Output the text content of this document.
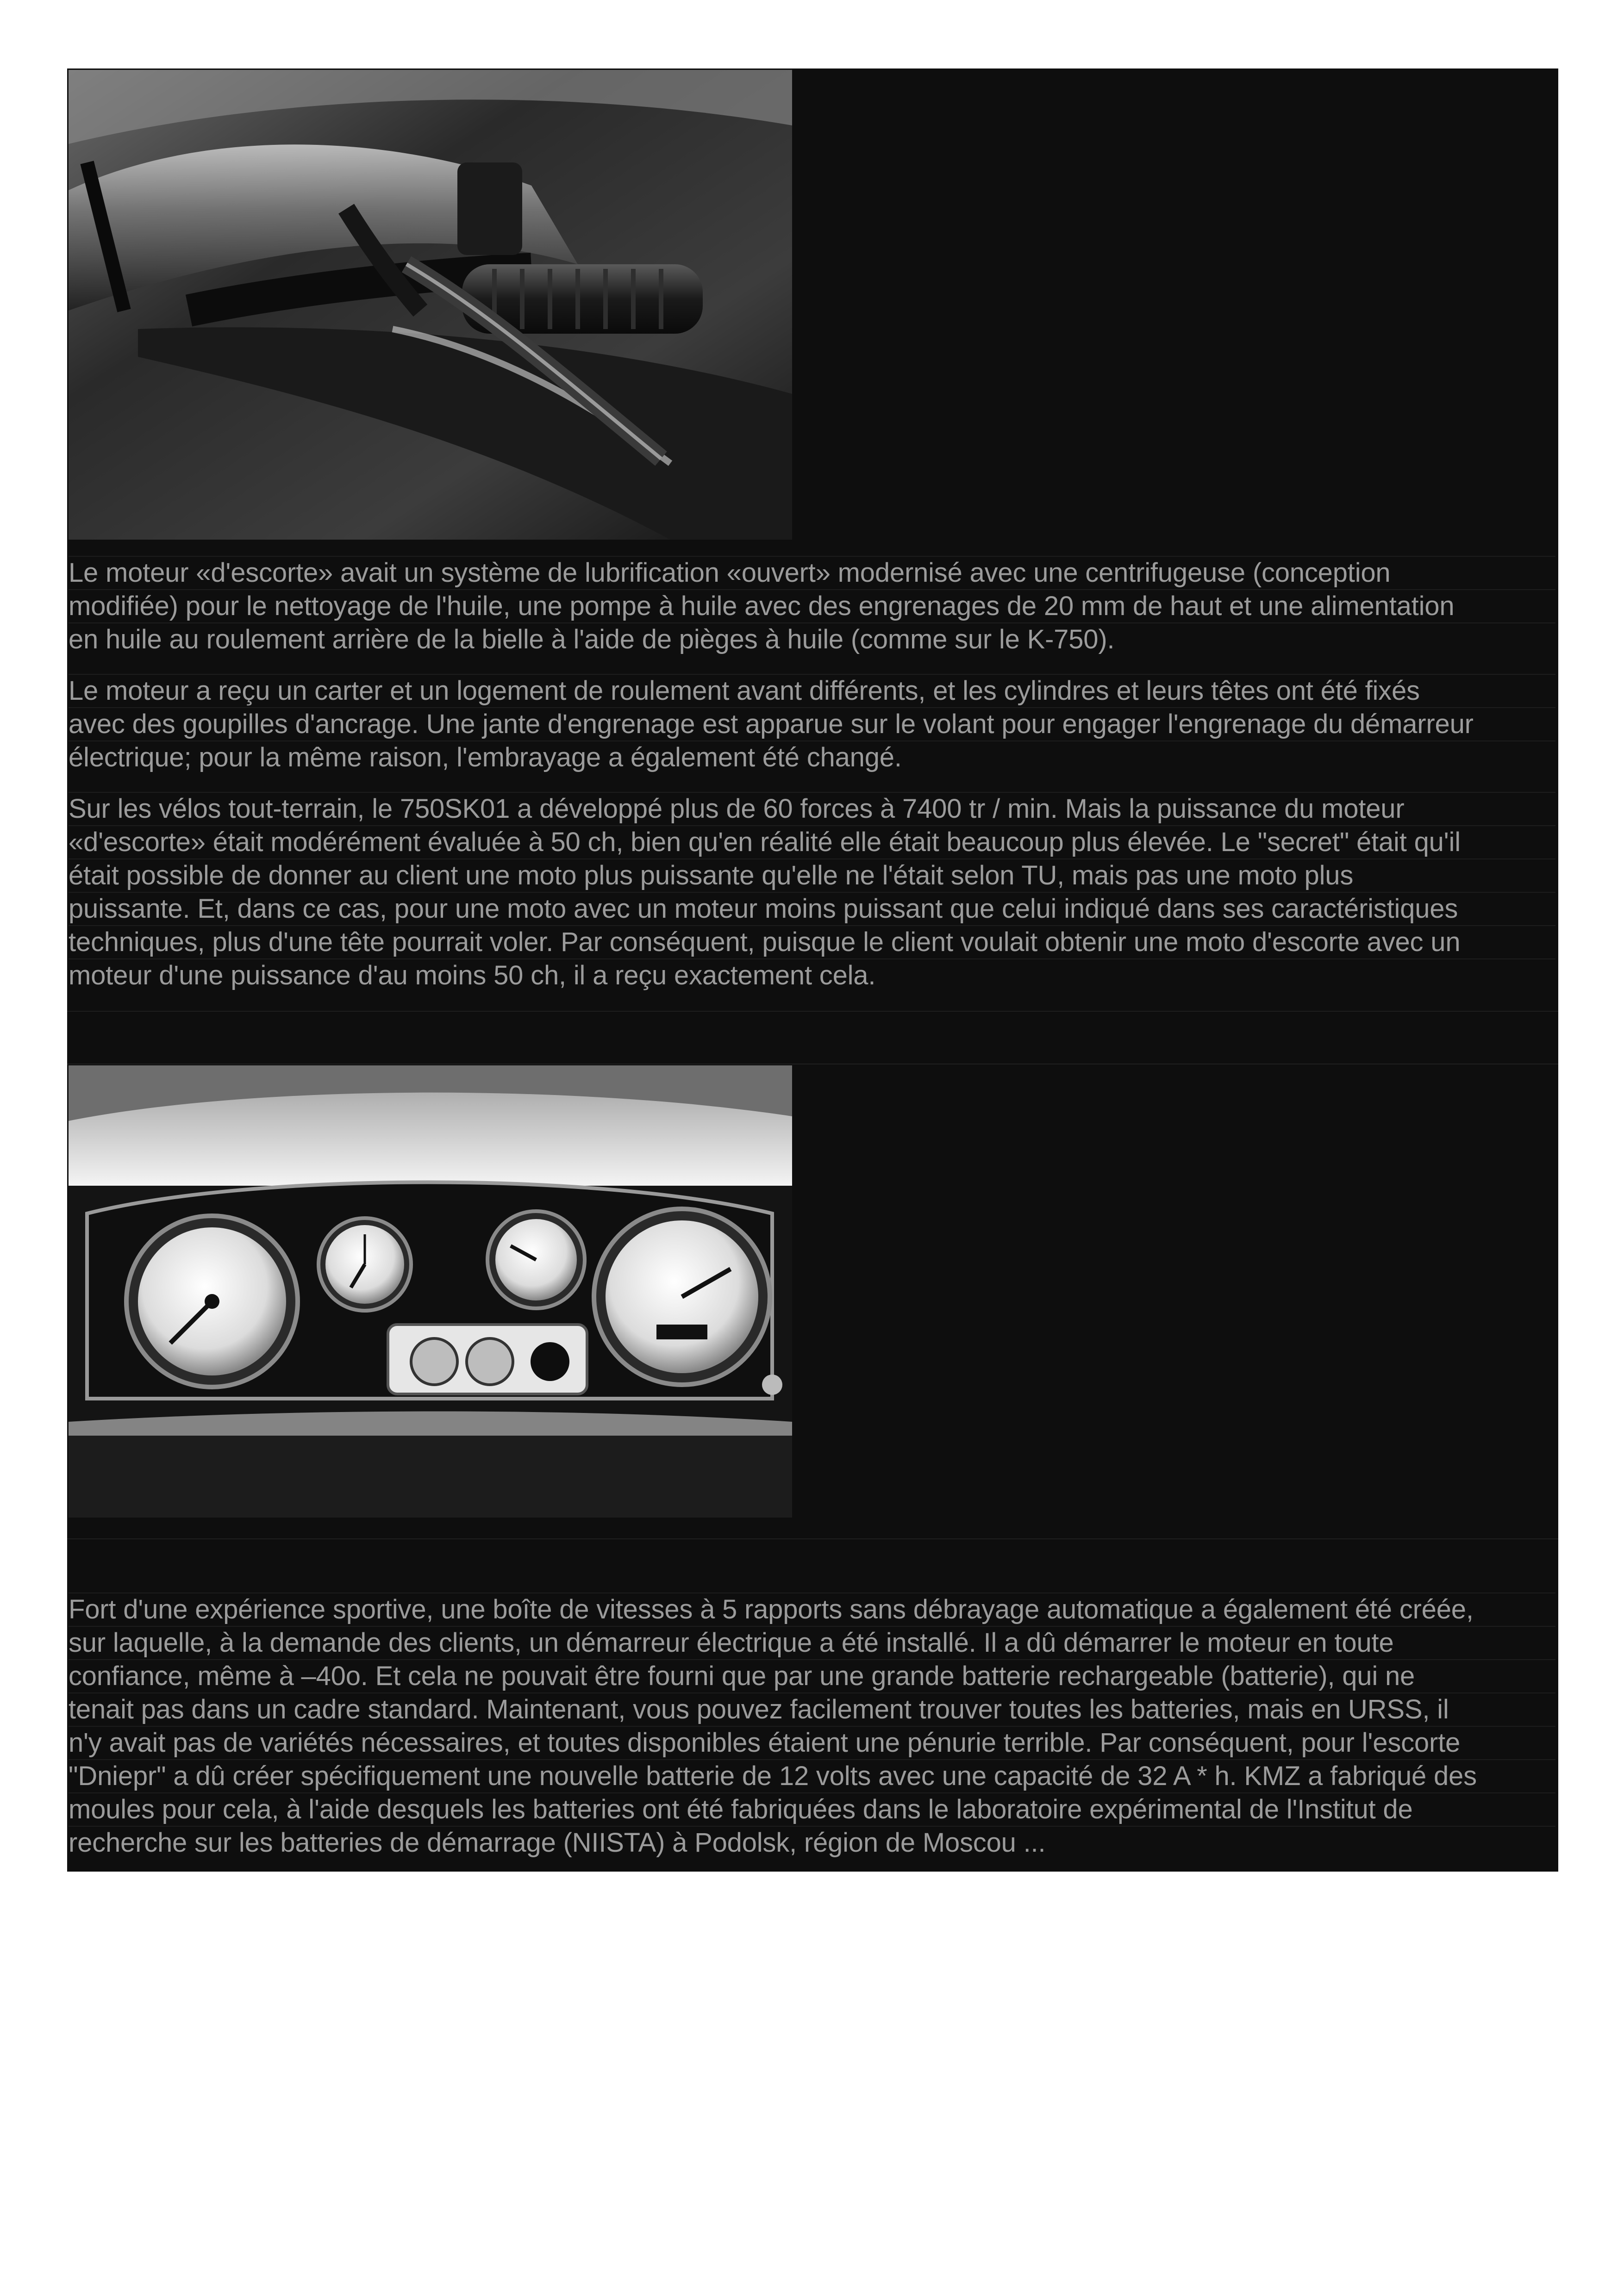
Le moteur «d'escorte» avait un système de lubrification «ouvert» modernisé avec une centrifugeuse (conception
modifiée) pour le nettoyage de l'huile, une pompe à huile avec des engrenages de 20 mm de haut et une alimentation
en huile au roulement arrière de la bielle à l'aide de pièges à huile (comme sur le K-750).
Le moteur a reçu un carter et un logement de roulement avant différents, et les cylindres et leurs têtes ont été fixés
avec des goupilles d'ancrage. Une jante d'engrenage est apparue sur le volant pour engager l'engrenage du démarreur
électrique; pour la même raison, l'embrayage a également été changé.
Sur les vélos tout-terrain, le 750SK01 a développé plus de 60 forces à 7400 tr / min. Mais la puissance du moteur
«d'escorte» était modérément évaluée à 50 ch, bien qu'en réalité elle était beaucoup plus élevée. Le "secret" était qu'il
était possible de donner au client une moto plus puissante qu'elle ne l'était selon TU, mais pas une moto plus
puissante. Et, dans ce cas, pour une moto avec un moteur moins puissant que celui indiqué dans ses caractéristiques
techniques, plus d'une tête pourrait voler. Par conséquent, puisque le client voulait obtenir une moto d'escorte avec un
moteur d'une puissance d'au moins 50 ch, il a reçu exactement cela.
Fort d'une expérience sportive, une boîte de vitesses à 5 rapports sans débrayage automatique a également été créée,
sur laquelle, à la demande des clients, un démarreur électrique a été installé. Il a dû démarrer le moteur en toute
confiance, même à –40o. Et cela ne pouvait être fourni que par une grande batterie rechargeable (batterie), qui ne
tenait pas dans un cadre standard. Maintenant, vous pouvez facilement trouver toutes les batteries, mais en URSS, il
n'y avait pas de variétés nécessaires, et toutes disponibles étaient une pénurie terrible. Par conséquent, pour l'escorte
"Dniepr" a dû créer spécifiquement une nouvelle batterie de 12 volts avec une capacité de 32 A * h. KMZ a fabriqué des
moules pour cela, à l'aide desquels les batteries ont été fabriquées dans le laboratoire expérimental de l'Institut de
recherche sur les batteries de démarrage (NIISTA) à Podolsk, région de Moscou ...
